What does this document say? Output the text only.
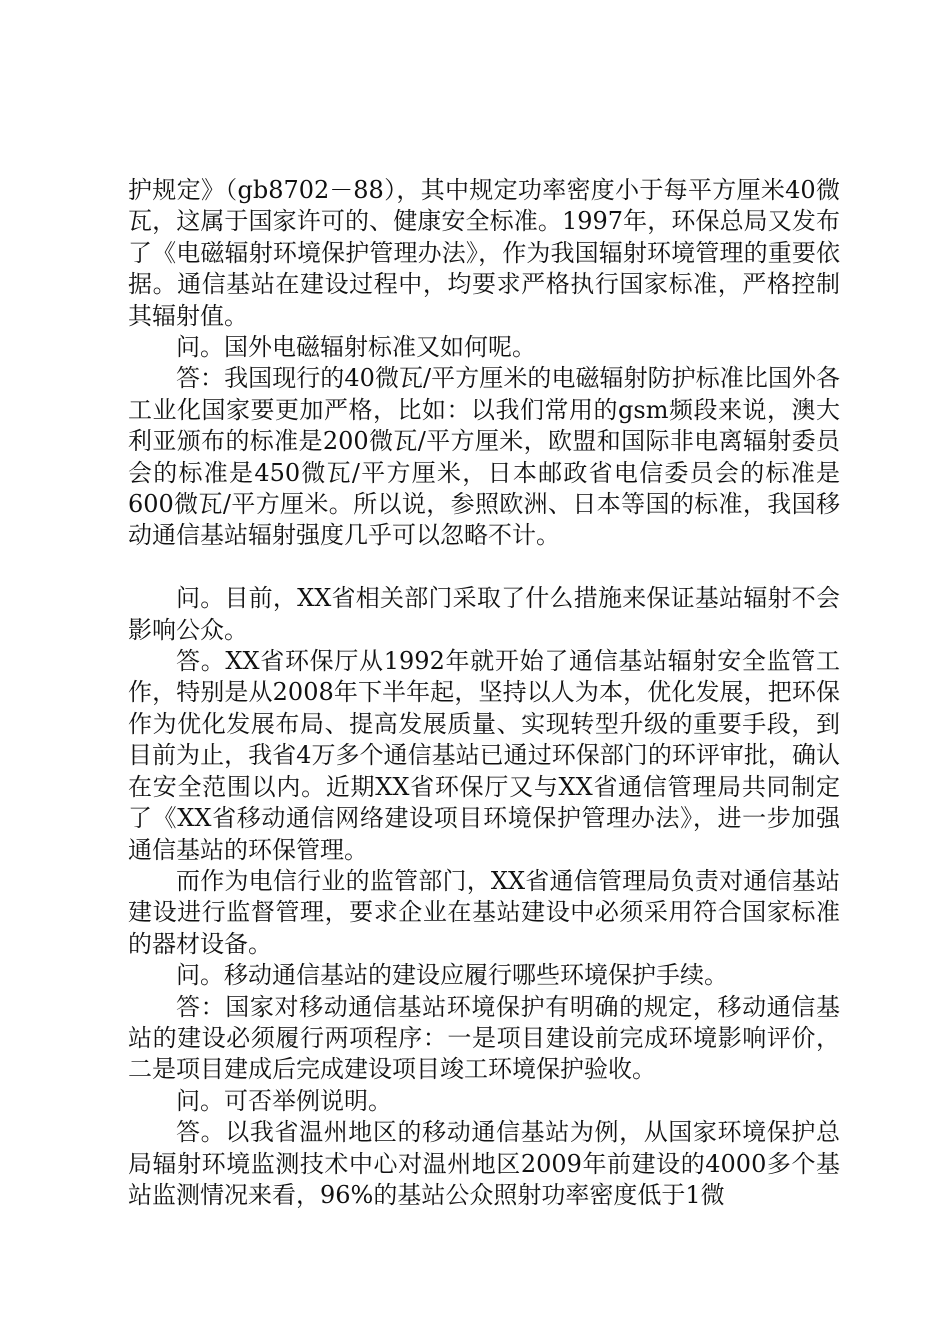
护规定》（gb8702－88），其中规定功率密度小于每平方厘米40微瓦，这属于国家许可的、健康安全标准。1997年，环保总局又发布了《电磁辐射环境保护管理办法》，作为我国辐射环境管理的重要依据。通信基站在建设过程中，均要求严格执行国家标准，严格控制其辐射值。

问。国外电磁辐射标准又如何呢。

答：我国现行的40微瓦/平方厘米的电磁辐射防护标准比国外各工业化国家要更加严格，比如：以我们常用的gsm频段来说，澳大利亚颁布的标准是200微瓦/平方厘米，欧盟和国际非电离辐射委员会的标准是450微瓦/平方厘米，日本邮政省电信委员会的标准是600微瓦/平方厘米。所以说，参照欧洲、日本等国的标准，我国移动通信基站辐射强度几乎可以忽略不计。

问。目前，XX省相关部门采取了什么措施来保证基站辐射不会影响公众。

答。XX省环保厅从1992年就开始了通信基站辐射安全监管工作，特别是从2008年下半年起，坚持以人为本，优化发展，把环保作为优化发展布局、提高发展质量、实现转型升级的重要手段，到目前为止，我省4万多个通信基站已通过环保部门的环评审批，确认在安全范围以内。近期XX省环保厅又与XX省通信管理局共同制定了《XX省移动通信网络建设项目环境保护管理办法》，进一步加强通信基站的环保管理。

而作为电信行业的监管部门，XX省通信管理局负责对通信基站建设进行监督管理，要求企业在基站建设中必须采用符合国家标准的器材设备。

问。移动通信基站的建设应履行哪些环境保护手续。

答：国家对移动通信基站环境保护有明确的规定，移动通信基站的建设必须履行两项程序：一是项目建设前完成环境影响评价，二是项目建成后完成建设项目竣工环境保护验收。

问。可否举例说明。

答。以我省温州地区的移动通信基站为例，从国家环境保护总局辐射环境监测技术中心对温州地区2009年前建设的4000多个基站监测情况来看，96%的基站公众照射功率密度低于1微
